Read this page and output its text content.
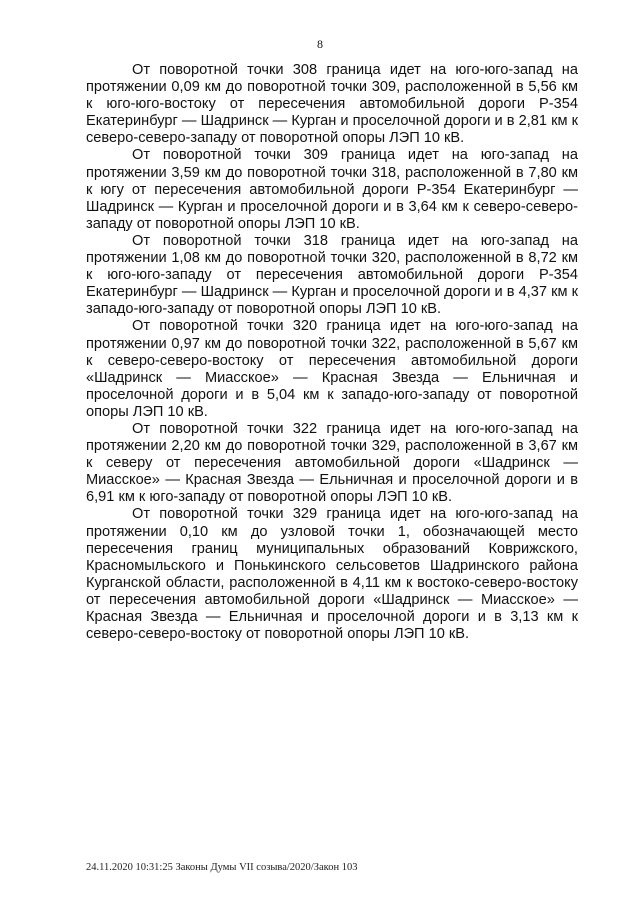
8

От поворотной точки 308 граница идет на юго-юго-запад на протяжении 0,09 км до поворотной точки 309, расположенной в 5,56 км к юго-юго-востоку от пересечения автомобильной дороги Р-354 Екатеринбург — Шадринск — Курган и проселочной дороги и в 2,81 км к северо-северо-западу от поворотной опоры ЛЭП 10 кВ.

От поворотной точки 309 граница идет на юго-запад на протяжении 3,59 км до поворотной точки 318, расположенной в 7,80 км к югу от пересечения автомобильной дороги Р-354 Екатеринбург — Шадринск — Курган и проселочной дороги и в 3,64 км к северо-северо-западу от поворотной опоры ЛЭП 10 кВ.

От поворотной точки 318 граница идет на юго-запад на протяжении 1,08 км до поворотной точки 320, расположенной в 8,72 км к юго-юго-западу от пересечения автомобильной дороги Р-354 Екатеринбург — Шадринск — Курган и проселочной дороги и в 4,37 км к западо-юго-западу от поворотной опоры ЛЭП 10 кВ.

От поворотной точки 320 граница идет на юго-юго-запад на протяжении 0,97 км до поворотной точки 322, расположенной в 5,67 км к северо-северо-востоку от пересечения автомобильной дороги «Шадринск — Миасское» — Красная Звезда — Ельничная и проселочной дороги и в 5,04 км к западо-юго-западу от поворотной опоры ЛЭП 10 кВ.

От поворотной точки 322 граница идет на юго-юго-запад на протяжении 2,20 км до поворотной точки 329, расположенной в 3,67 км к северу от пересечения автомобильной дороги «Шадринск — Миасское» — Красная Звезда — Ельничная и проселочной дороги и в 6,91 км к юго-западу от поворотной опоры ЛЭП 10 кВ.

От поворотной точки 329 граница идет на юго-юго-запад на протяжении 0,10 км до узловой точки 1, обозначающей место пересечения границ муниципальных образований Коврижского, Красномыльского и Понькинского сельсоветов Шадринского района Курганской области, расположенной в 4,11 км к востоко-северо-востоку от пересечения автомобильной дороги «Шадринск — Миасское» — Красная Звезда — Ельничная и проселочной дороги и в 3,13 км к северо-северо-востоку от поворотной опоры ЛЭП 10 кВ.

24.11.2020 10:31:25 Законы Думы VII созыва/2020/Закон 103
